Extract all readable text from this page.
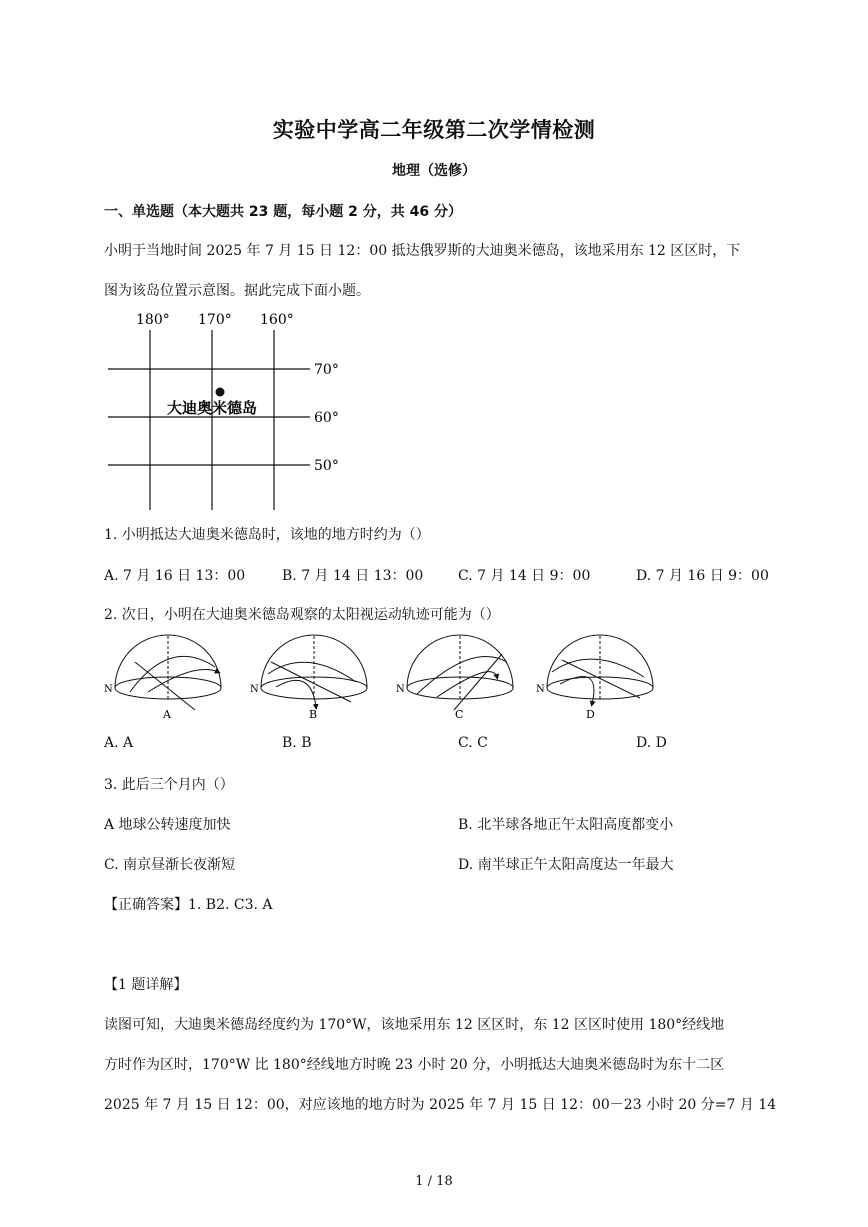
实验中学高二年级第二次学情检测
地理（选修）
一、单选题（本大题共 23 题，每小题 2 分，共 46 分）
小明于当地时间 2025 年 7 月 15 日 12：00 抵达俄罗斯的大迪奥米德岛，该地采用东 12 区区时，下
图为该岛位置示意图。据此完成下面小题。
180° 170° 160°
70°
60°
50°
大迪奥米德岛
1. 小明抵达大迪奥米德岛时，该地的地方时约为（）
A. 7 月 16 日 13：00	B. 7 月 14 日 13：00 C. 7 月 14 日 9：00	D. 7 月 16 日 9：00
2. 次日，小明在大迪奥米德岛观察的太阳视运动轨迹可能为（）
N
A
N
B
N
C
N
D
A. A	B. B	C. C	D. D
3. 此后三个月内（）
A 地球公转速度加快	B. 北半球各地正午太阳高度都变小
C. 南京昼渐长夜渐短	D. 南半球正午太阳高度达一年最大
【正确答案】1. B2. C3. A
【1 题详解】
读图可知，大迪奥米德岛经度约为 170°W，该地采用东 12 区区时，东 12 区区时使用 180°经线地
方时作为区时，170°W 比 180°经线地方时晚 23 小时 20 分，小明抵达大迪奥米德岛时为东十二区
2025 年 7 月 15 日 12：00，对应该地的地方时为 2025 年 7 月 15 日 12：00－23 小时 20 分=7 月 14
1 / 18
